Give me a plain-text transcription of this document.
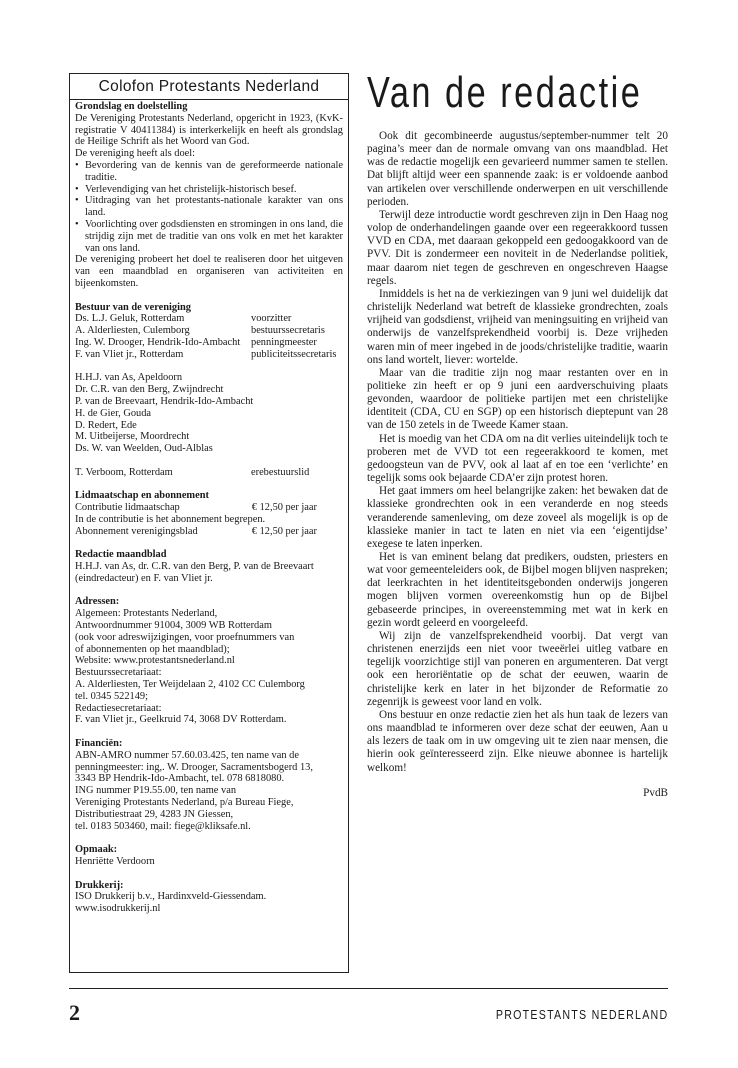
Colofon Protestants Nederland

Grondslag en doelstelling

De Vereniging Protestants Nederland, opgericht in 1923, (KvK-registratie V 40411384) is interkerkelijk en heeft als grondslag de Heilige Schrift als het Woord van God.

De vereniging heeft als doel:

• Bevordering van de kennis van de gereformeerde nationale traditie.
• Verlevendiging van het christelijk-historisch besef.
• Uitdraging van het protestants-nationale karakter van ons land.
• Voorlichting over godsdiensten en stromingen in ons land, die strijdig zijn met de traditie van ons volk en met het karakter van ons land.

De vereniging probeert het doel te realiseren door het uitgeven van een maandblad en organiseren van activiteiten en bijeenkomsten.

Bestuur van de vereniging

Ds. L.J. Geluk, Rotterdam	voorzitter
A. Alderliesten, Culemborg	bestuurssecretaris
Ing. W. Drooger, Hendrik-Ido-Ambacht	penningmeester
F. van Vliet jr., Rotterdam	publiciteitssecretaris
H.H.J. van As, Apeldoorn
Dr. C.R. van den Berg, Zwijndrecht
P. van de Breevaart, Hendrik-Ido-Ambacht
H. de Gier, Gouda
D. Redert, Ede
M. Uitbeijerse, Moordrecht
Ds. W. van Weelden, Oud-Alblas
T. Verboom, Rotterdam	erebestuurslid

Lidmaatschap en abonnement

Contributie lidmaatschap	€ 12,50 per jaar
In de contributie is het abonnement begrepen.
Abonnement verenigingsblad	€ 12,50 per jaar

Redactie maandblad

H.H.J. van As, dr. C.R. van den Berg, P. van de Breevaart
(eindredacteur) en F. van Vliet jr.

Adressen:

Algemeen: Protestants Nederland,
Antwoordnummer 91004, 3009 WB Rotterdam
(ook voor adreswijzigingen, voor proefnummers van
of abonnementen op het maandblad);
Website: www.protestantsnederland.nl
Bestuurssecretariaat:
A. Alderliesten, Ter Weijdelaan 2, 4102 CC Culemborg
tel. 0345 522149;
Redactiesecretariaat:
F. van Vliet jr., Geelkruid 74, 3068 DV Rotterdam.

Financiën:

ABN-AMRO nummer 57.60.03.425, ten name van de
penningmeester: ing,. W. Drooger, Sacramentsbogerd 13,
3343 BP Hendrik-Ido-Ambacht, tel. 078 6818080.
ING nummer P19.55.00, ten name van
Vereniging Protestants Nederland, p/a Bureau Fiege,
Distributiestraat 29, 4283 JN Giessen,
tel. 0183 503460, mail: fiege@kliksafe.nl.

Opmaak:

Henriëtte Verdoorn

Drukkerij:

ISO Drukkerij b.v., Hardinxveld-Giessendam.
www.isodrukkerij.nl
Van de redactie

Ook dit gecombineerde augustus/september-nummer telt 20 pagina’s meer dan de normale omvang van ons maandblad. Het was de redactie mogelijk een gevarieerd nummer samen te stellen. Dat blijft altijd weer een spannende zaak: is er voldoende aanbod van artikelen over verschillende onderwerpen en uit verschillende perioden.

Terwijl deze introductie wordt geschreven zijn in Den Haag nog volop de onderhandelingen gaande over een regeerakkoord tussen VVD en CDA, met daaraan gekoppeld een gedoogakkoord van de PVV. Dit is zondermeer een noviteit in de Nederlandse politiek, maar daarom niet tegen de geschreven en ongeschreven Haagse regels.

Inmiddels is het na de verkiezingen van 9 juni wel duidelijk dat christelijk Nederland wat betreft de klassieke grondrechten, zoals vrijheid van godsdienst, vrijheid van meningsuiting en vrijheid van onderwijs de vanzelfsprekendheid voorbij is. Deze vrijheden waren min of meer ingebed in de joods/christelijke traditie, waarin ons land wortelt, liever: wortelde.

Maar van die traditie zijn nog maar restanten over en in politieke zin heeft er op 9 juni een aardverschuiving plaats gevonden, waardoor de politieke partijen met een christelijke identiteit (CDA, CU en SGP) op een historisch dieptepunt van 28 van de 150 zetels in de Tweede Kamer staan.

Het is moedig van het CDA om na dit verlies uiteindelijk toch te proberen met de VVD tot een regeerakkoord te komen, met gedoogsteun van de PVV, ook al laat af en toe een ‘verlichte’ en tegelijk soms ook bejaarde CDA’er zijn protest horen.

Het gaat immers om heel belangrijke zaken: het bewaken dat de klassieke grondrechten ook in een veranderde en nog steeds veranderende samenleving, om deze zoveel als mogelijk is op de klassieke manier in tact te laten en niet via een ‘eigentijdse’ exegese te laten inperken.

Het is van eminent belang dat predikers, oudsten, priesters en wat voor gemeenteleiders ook, de Bijbel mogen blijven naspreken; dat leerkrachten in het identiteitsgebonden onderwijs jongeren mogen blijven vormen overeenkomstig hun op de Bijbel gebaseerde principes, in overeenstemming met wat in kerk en gezin wordt geleerd en voorgeleefd.

Wij zijn de vanzelfsprekendheid voorbij. Dat vergt van christenen enerzijds een niet voor tweeërlei uitleg vatbare en tegelijk voorzichtige stijl van poneren en argumenteren. Dat vergt ook een heroriëntatie op de schat der eeuwen, waarin de christelijke kerk en later in het bijzonder de Reformatie zo zegenrijk is geweest voor land en volk.

Ons bestuur en onze redactie zien het als hun taak de lezers van ons maandblad te informeren over deze schat der eeuwen, Aan u als lezers de taak om in uw omgeving uit te zien naar mensen, die hierin ook geïnteresseerd zijn. Elke nieuwe abonnee is hartelijk welkom!

PvdB
2	PROTESTANTS NEDERLAND
